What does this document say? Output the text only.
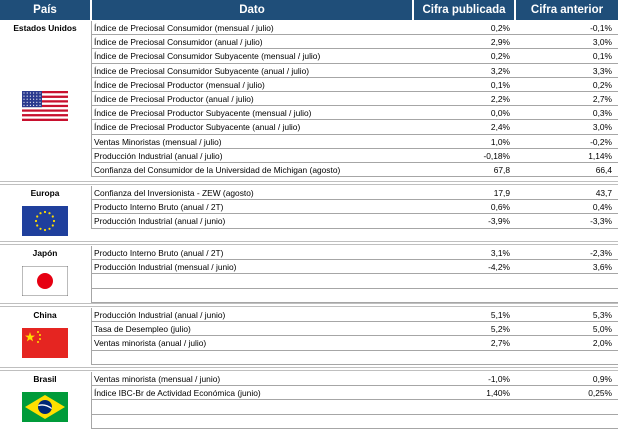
País	Dato	Cifra publicada	Cifra anterior
Estados Unidos	Índice de Preciosal Consumidor (mensual / julio)	0,2%	-0,1%
Índice de Preciosal Consumidor (anual / julio)	2,9%	3,0%
Índice de Preciosal Consumidor Subyacente (mensual / julio)	0,2%	0,1%
Índice de Preciosal Consumidor Subyacente (anual / julio)	3,2%	3,3%
Índice de Preciosal Productor (mensual / julio)	0,1%	0,2%
Índice de Preciosal Productor (anual / julio)	2,2%	2,7%
Índice de Preciosal Productor Subyacente (mensual / julio)	0,0%	0,3%
Índice de Preciosal Productor Subyacente (anual / julio)	2,4%	3,0%
Ventas Minoristas (mensual / julio)	1,0%	-0,2%
Producción Industrial (anual / julio)	-0,18%	1,14%
Confianza del Consumidor de la Universidad de Michigan (agosto)	67,8	66,4
Europa	Confianza del Inversionista - ZEW (agosto)	17,9	43,7
Producto Interno Bruto (anual / 2T)	0,6%	0,4%
Producción Industrial (anual / junio)	-3,9%	-3,3%
Japón	Producto Interno Bruto (anual / 2T)	3,1%	-2,3%
Producción Industrial (mensual / junio)	-4,2%	3,6%
China	Producción Industrial (anual / junio)	5,1%	5,3%
Tasa de Desempleo (julio)	5,2%	5,0%
Ventas minorista (anual / julio)	2,7%	2,0%
Brasil	Ventas minorista (mensual / junio)	-1,0%	0,9%
Índice IBC-Br de Actividad Económica (junio)	1,40%	0,25%
